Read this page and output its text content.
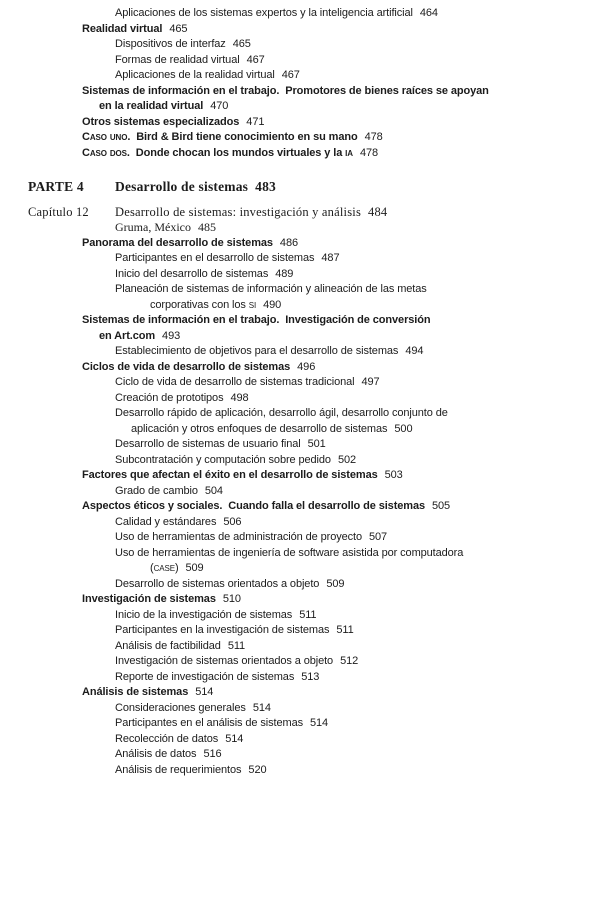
Aplicaciones de los sistemas expertos y la inteligencia artificial 464
Realidad virtual 465
Dispositivos de interfaz 465
Formas de realidad virtual 467
Aplicaciones de la realidad virtual 467
Sistemas de información en el trabajo.  Promotores de bienes raíces se apoyan
en la realidad virtual 470
Otros sistemas especializados 471
Caso uno.  Bird & Bird tiene conocimiento en su mano 478
Caso dos.  Donde chocan los mundos virtuales y la ia 478
PARTE 4	Desarrollo de sistemas 483
Capítulo 12	Desarrollo de sistemas: investigación y análisis 484
Gruma, México 485
Panorama del desarrollo de sistemas 486
Participantes en el desarrollo de sistemas 487
Inicio del desarrollo de sistemas 489
Planeación de sistemas de información y alineación de las metas
corporativas con los si 490
Sistemas de información en el trabajo.  Investigación de conversión
en Art.com 493
Establecimiento de objetivos para el desarrollo de sistemas 494
Ciclos de vida de desarrollo de sistemas 496
Ciclo de vida de desarrollo de sistemas tradicional 497
Creación de prototipos 498
Desarrollo rápido de aplicación, desarrollo ágil, desarrollo conjunto de
aplicación y otros enfoques de desarrollo de sistemas 500
Desarrollo de sistemas de usuario final 501
Subcontratación y computación sobre pedido 502
Factores que afectan el éxito en el desarrollo de sistemas 503
Grado de cambio 504
Aspectos éticos y sociales.  Cuando falla el desarrollo de sistemas 505
Calidad y estándares 506
Uso de herramientas de administración de proyecto 507
Uso de herramientas de ingeniería de software asistida por computadora
(case) 509
Desarrollo de sistemas orientados a objeto 509
Investigación de sistemas 510
Inicio de la investigación de sistemas 511
Participantes en la investigación de sistemas 511
Análisis de factibilidad 511
Investigación de sistemas orientados a objeto 512
Reporte de investigación de sistemas 513
Análisis de sistemas 514
Consideraciones generales 514
Participantes en el análisis de sistemas 514
Recolección de datos 514
Análisis de datos 516
Análisis de requerimientos 520
